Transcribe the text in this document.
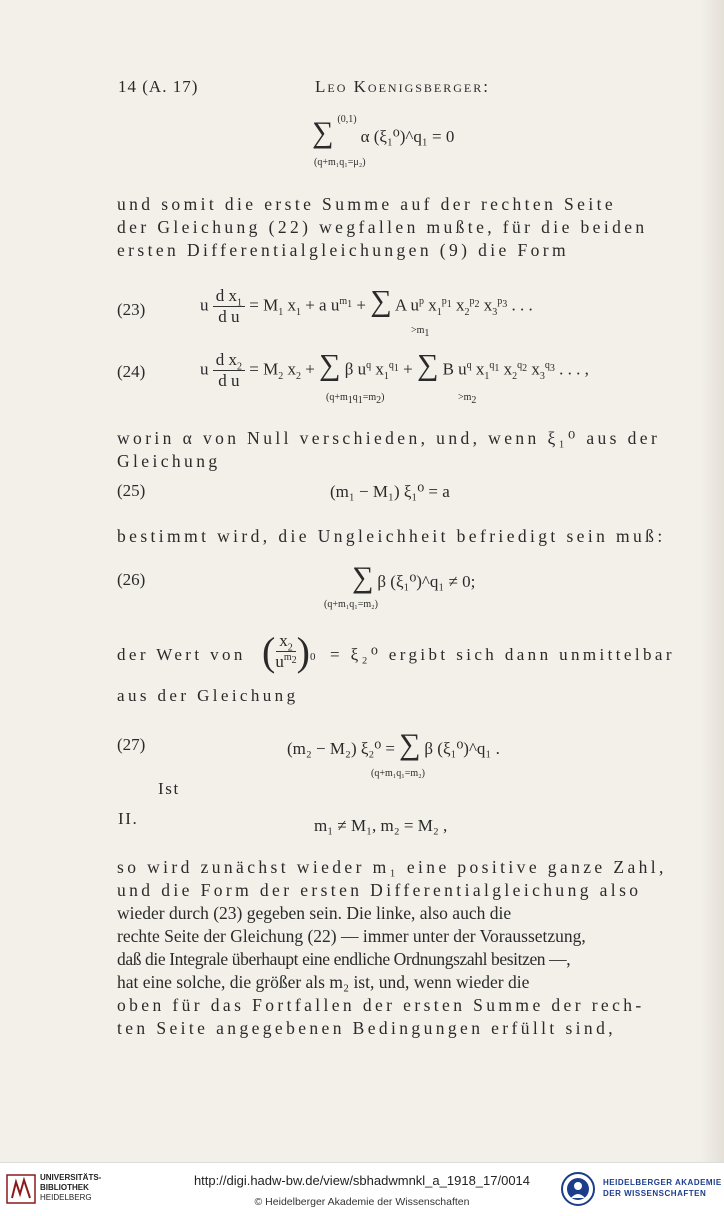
14 (A. 17)	Leo Koenigsberger:
∑ $^{(0,1)}$ α (ξ₁⁰)^q₁ = 0
(q+m₁q₁=μ₂)
und somit die erste Summe auf der rechten Seite
der Gleichung (22) wegfallen mußte, für die beiden
ersten Differentialgleichungen (9) die Form
(23)	u $\frac{d x_1}{\text{d u}} = M_1$ $x_1 + a$ $u^{m_1}$ + ∑ A $u^p$ $x_1^{p_1}$ $x_2^{p_2}$ $x_3^{p_3}$ . . .
$>m_1$
(24)	u $\frac{d x_2}{\text{d u}} = M_2$ $x_2$ + ∑ β $u^q$ $x_1^{q_1}$ + ∑ B $u^q$ $x_1^{q_1}$ $x_2^{q_2}$ $x_3^{q_3}$ . . . ,
$(q+m_1q_1=m_2)$	$>m_2$
worin α von Null verschieden, und, wenn ξ₁⁰ aus der
Gleichung
(25)	(m₁ − M₁) ξ₁⁰ = a
bestimmt wird, die Ungleichheit befriedigt sein muß:
(26)	∑ β (ξ₁⁰)^q₁ ≠ 0;
(q+m₁q₁=m₂)
der Wert von ( $\frac{x_2}{u^{m_2}} )_0 = \xi_2^0$ ergibt sich dann unmittelbar
aus der Gleichung
(27)	(m₂ − M₂) ξ₂⁰ = ∑ β (ξ₁⁰)^q₁ .
(q+m₁q₁=m₂)
Ist
II.	m₁ ≠ M₁, m₂ = M₂ ,
so wird zunächst wieder m₁ eine positive ganze Zahl,
und die Form der ersten Differentialgleichung also
wieder durch (23) gegeben sein. Die linke, also auch die
rechte Seite der Gleichung (22) — immer unter der Voraussetzung,
daß die Integrale überhaupt eine endliche Ordnungszahl besitzen —,
hat eine solche, die größer als m₂ ist, und, wenn wieder die
oben für das Fortfallen der ersten Summe der rech-
ten Seite angegebenen Bedingungen erfüllt sind,
UNIVERSITÄTS-
BIBLIOTHEK
HEIDELBERG
http://digi.hadw-bw.de/view/sbhadwmnkl_a_1918_17/0014
© Heidelberger Akademie der Wissenschaften
HEIDELBERGER AKADEMIE
DER WISSENSCHAFTEN
